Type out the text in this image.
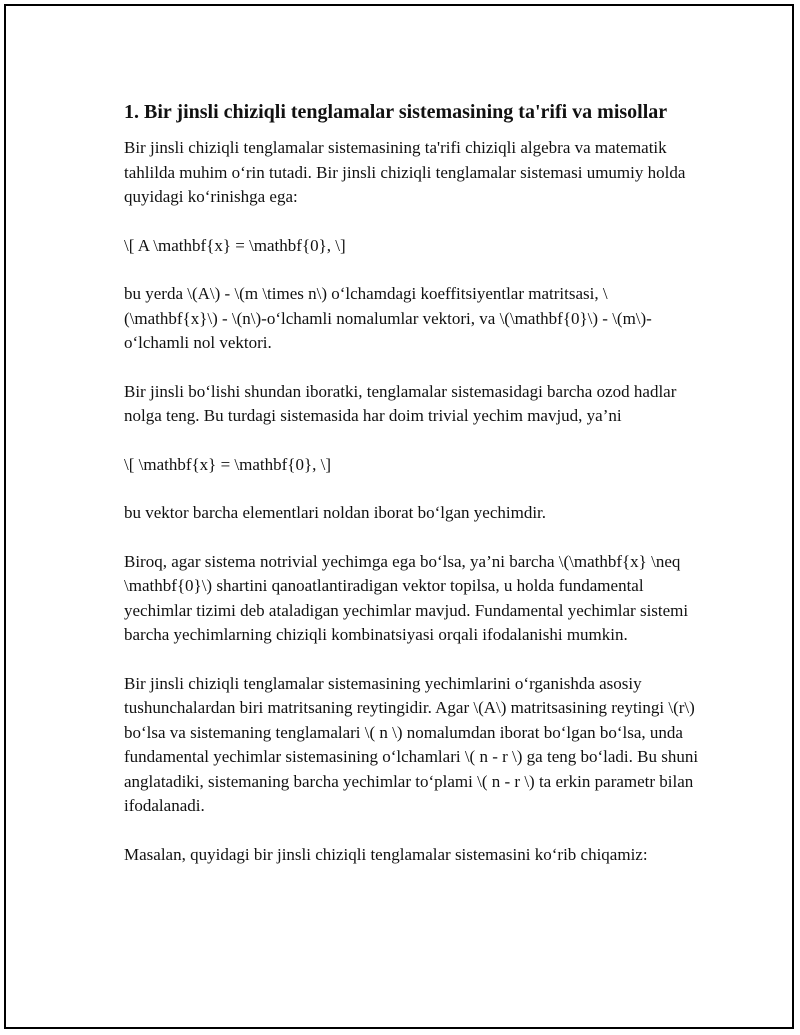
1. Bir jinsli chiziqli tenglamalar sistemasining ta'rifi va misollar

Bir jinsli chiziqli tenglamalar sistemasining ta'rifi chiziqli algebra va matematik tahlilda muhim o‘rin tutadi. Bir jinsli chiziqli tenglamalar sistemasi umumiy holda quyidagi ko‘rinishga ega:

\[ A \mathbf{x} = \mathbf{0}, \]

bu yerda \(A\) - \(m \times n\) o‘lchamdagi koeffitsiyentlar matritsasi, \(\mathbf{x}\) - \(n\)-o‘lchamli nomalumlar vektori, va \(\mathbf{0}\) - \(m\)-o‘lchamli nol vektori.

Bir jinsli bo‘lishi shundan iboratki, tenglamalar sistemasidagi barcha ozod hadlar nolga teng. Bu turdagi sistemasida har doim trivial yechim mavjud, ya’ni

\[ \mathbf{x} = \mathbf{0}, \]

bu vektor barcha elementlari noldan iborat bo‘lgan yechimdir.

Biroq, agar sistema notrivial yechimga ega bo‘lsa, ya’ni barcha \(\mathbf{x} \neq \mathbf{0}\) shartini qanoatlantiradigan vektor topilsa, u holda fundamental yechimlar tizimi deb ataladigan yechimlar mavjud. Fundamental yechimlar sistemi barcha yechimlarning chiziqli kombinatsiyasi orqali ifodalanishi mumkin.

Bir jinsli chiziqli tenglamalar sistemasining yechimlarini o‘rganishda asosiy tushunchalardan biri matritsaning reytingidir. Agar \(A\) matritsasining reytingi \(r\) bo‘lsa va sistemaning tenglamalari \( n \) nomalumdan iborat bo‘lgan bo‘lsa, unda fundamental yechimlar sistemasining o‘lchamlari \( n - r \) ga teng bo‘ladi. Bu shuni anglatadiki, sistemaning barcha yechimlar to‘plami \( n - r \) ta erkin parametr bilan ifodalanadi.

Masalan, quyidagi bir jinsli chiziqli tenglamalar sistemasini ko‘rib chiqamiz:
